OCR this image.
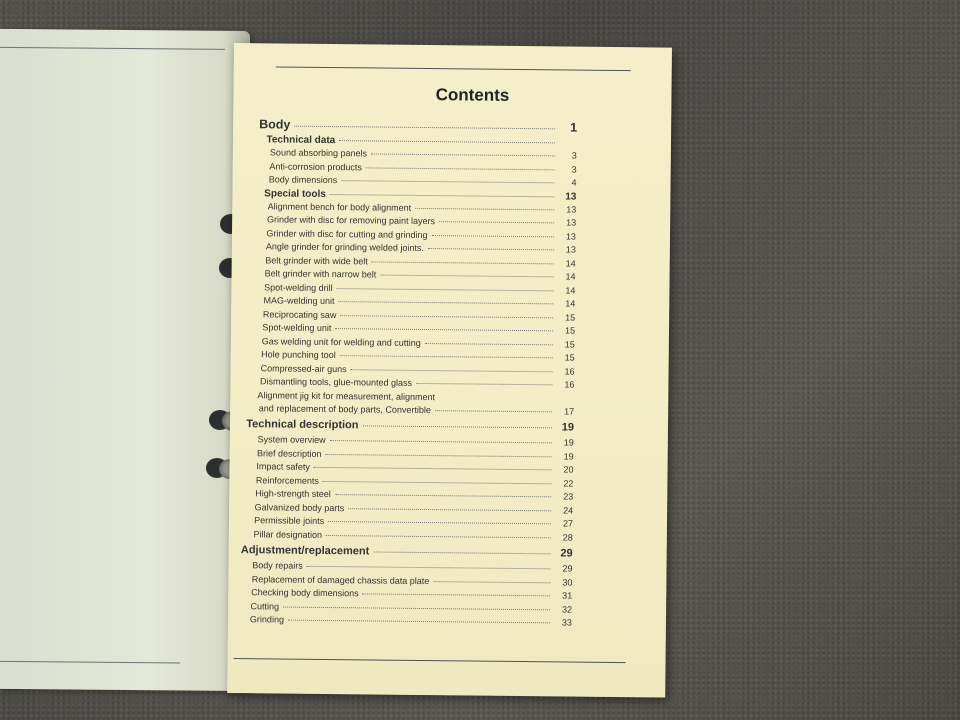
Contents
Body	1
Technical data
Sound absorbing panels	3
Anti-corrosion products	3
Body dimensions	4
Special tools	13
Alignment bench for body alignment	13
Grinder with disc for removing paint layers	13
Grinder with disc for cutting and grinding	13
Angle grinder for grinding welded joints.	13
Belt grinder with wide belt	14
Belt grinder with narrow belt	14
Spot-welding drill	14
MAG-welding unit	14
Reciprocating saw	15
Spot-welding unit	15
Gas welding unit for welding and cutting	15
Hole punching tool	15
Compressed-air guns	16
Dismantling tools, glue-mounted glass	16
Alignment jig kit for measurement, alignment
and replacement of body parts, Convertible	17
Technical description	19
System overview	19
Brief description	19
Impact safety	20
Reinforcements	22
High-strength steel	23
Galvanized body parts	24
Permissible joints	27
Pillar designation	28
Adjustment/replacement	29
Body repairs	29
Replacement of damaged chassis data plate	30
Checking body dimensions	31
Cutting	32
Grinding	33
